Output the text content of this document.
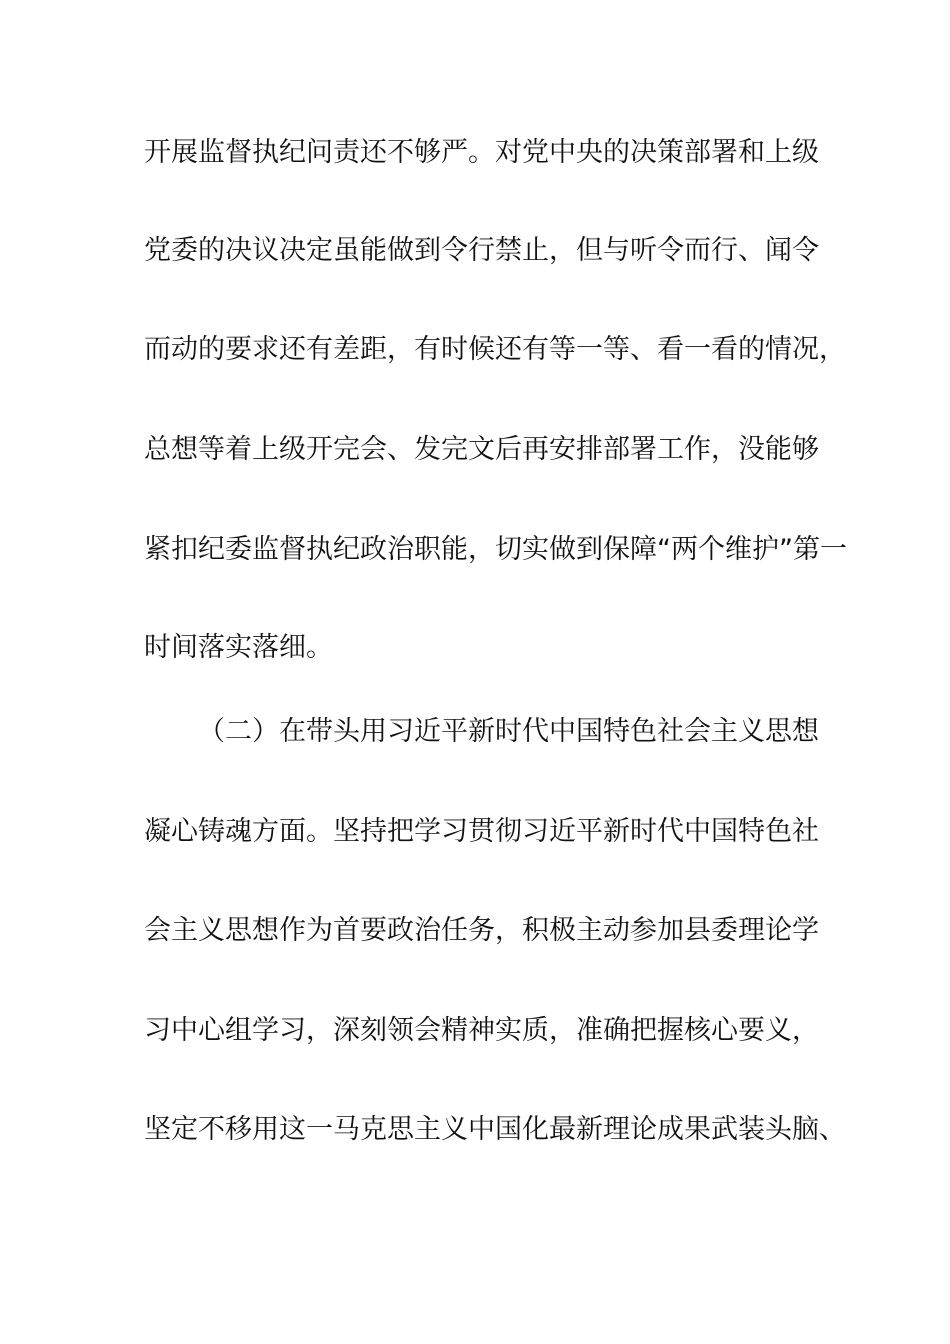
开展监督执纪问责还不够严。对党中央的决策部署和上级
党委的决议决定虽能做到令行禁止，但与听令而行、闻令
而动的要求还有差距，有时候还有等一等、看一看的情况，
总想等着上级开完会、发完文后再安排部署工作，没能够
紧扣纪委监督执纪政治职能，切实做到保障“两个维护”第一
时间落实落细。
（二）在带头用习近平新时代中国特色社会主义思想
凝心铸魂方面。坚持把学习贯彻习近平新时代中国特色社
会主义思想作为首要政治任务，积极主动参加县委理论学
习中心组学习，深刻领会精神实质，准确把握核心要义，
坚定不移用这一马克思主义中国化最新理论成果武装头脑、
